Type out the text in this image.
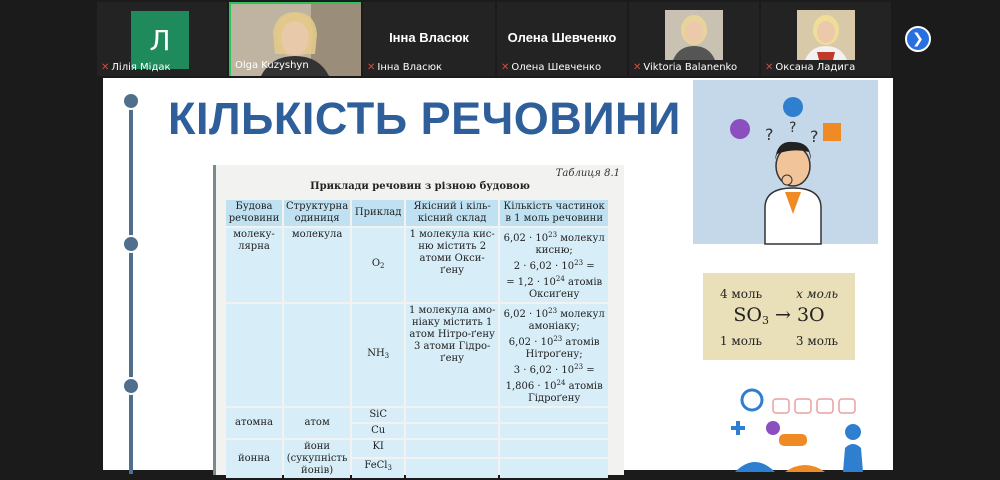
Л
✕ Лілія Мідак	Olga Kuzyshyn
Інна Власюк
✕ Інна Власюк
Олена Шевченко
✕ Олена Шевченко	✕ Viktoria Balanenko	✕ Оксана Ладига
❯
КІЛЬКІСТЬ РЕЧОВИНИ
Таблиця 8.1
Приклади речовин з різною будовою
Будова речовини	Структурна одиниця	Приклад	Якісний і кіль-кісний склад	Кількість частинок в 1 моль речовини
молеку-лярна	молекула	$O_2$	1 молекула кис-ню містить 2 атоми Окси-ґену	$6,02 \cdot 10^{23}$ молекул кисню;
$2 \cdot 6,02 \cdot 10^{23}$ =
= $1,2 \cdot 10^{24}$ атомів Оксиґену

		$NH_3$	1 молекула амо-ніаку містить 1 атом Нітро-ґену 3 атоми Гідро-ґену	$6,02 \cdot 10^{23}$ молекул амоніаку;
$6,02 \cdot 10^{23}$ атомів Нітроґену;
$3 \cdot 6,02 \cdot 10^{23}$ =
$1,806 \cdot 10^{24}$ атомів Гідроґену

атомна	атом	SiC		
		Cu		
йонна	йони (сукупність йонів)	KI		
		FeCl$_3$		
? ?
?
4 моль	x моль
SO3 → 3O
1 моль	3 моль
